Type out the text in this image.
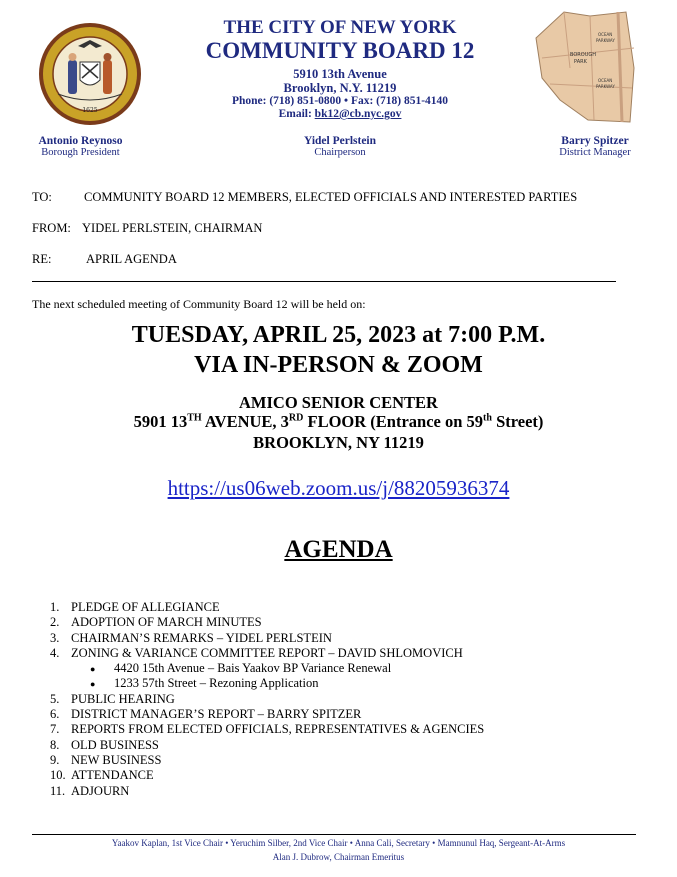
1625
THE CITY OF NEW YORK
COMMUNITY BOARD 12
5910 13th Avenue
Brooklyn, N.Y. 11219
Phone: (718) 851-0800 • Fax: (718) 851-4140
Email: bk12@cb.nyc.gov
BOROUGH
PARK
OCEAN
PARKWAY
OCEAN
PARKWAY
Antonio Reynoso
Borough President
Yidel Perlstein
Chairperson
Barry Spitzer
District Manager
TO:	COMMUNITY BOARD 12 MEMBERS, ELECTED OFFICIALS AND INTERESTED PARTIES
FROM: YIDEL PERLSTEIN, CHAIRMAN
RE:	APRIL AGENDA
The next scheduled meeting of Community Board 12 will be held on:
TUESDAY, APRIL 25, 2023 at 7:00 P.M.
VIA IN-PERSON & ZOOM
AMICO SENIOR CENTER
5901 13TH AVENUE, 3RD FLOOR (Entrance on 59th Street)
BROOKLYN, NY 11219
https://us06web.zoom.us/j/88205936374
AGENDA
1. PLEDGE OF ALLEGIANCE
2. ADOPTION OF MARCH MINUTES
3. CHAIRMAN’S REMARKS – YIDEL PERLSTEIN
4. ZONING & VARIANCE COMMITTEE REPORT – DAVID SHLOMOVICH
● 4420 15th Avenue – Bais Yaakov BP Variance Renewal
● 1233 57th Street – Rezoning Application
5. PUBLIC HEARING
6. DISTRICT MANAGER’S REPORT – BARRY SPITZER
7. REPORTS FROM ELECTED OFFICIALS, REPRESENTATIVES & AGENCIES
8. OLD BUSINESS
9. NEW BUSINESS
10. ATTENDANCE
11. ADJOURN
Yaakov Kaplan, 1st Vice Chair • Yeruchim Silber, 2nd Vice Chair • Anna Cali, Secretary • Mamnunul Haq, Sergeant-At-Arms
Alan J. Dubrow, Chairman Emeritus
